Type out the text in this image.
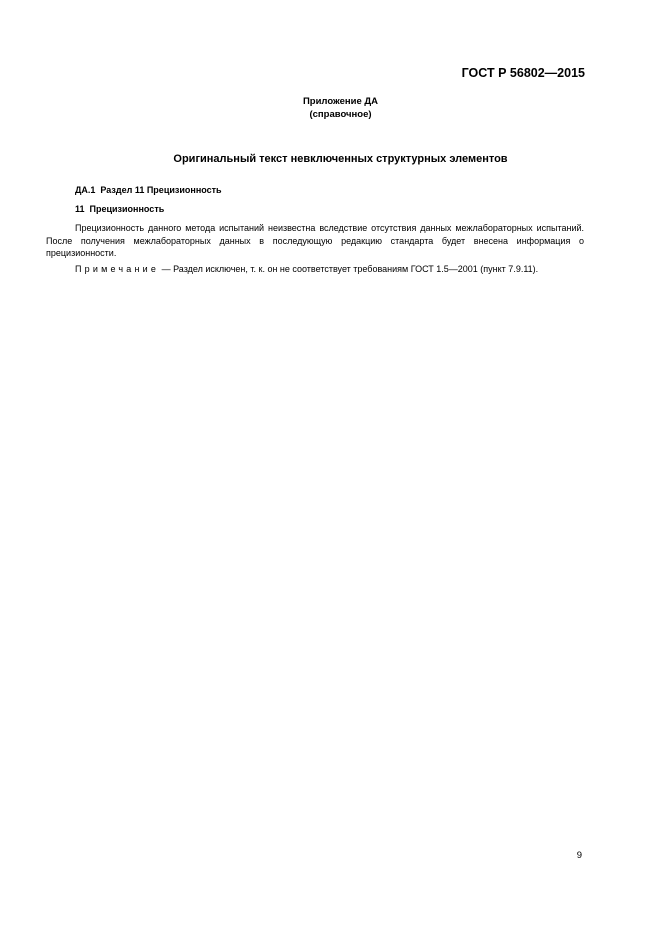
ГОСТ Р 56802—2015
Приложение ДА
(справочное)
Оригинальный текст невключенных структурных элементов
ДА.1  Раздел 11 Прецизионность
11  Прецизионность

Прецизионность данного метода испытаний неизвестна вследствие отсутствия данных межлабораторных испытаний. После получения межлабораторных данных в последующую редакцию стандарта будет внесена информация о прецизионности.

Примечание — Раздел исключен, т. к. он не соответствует требованиям ГОСТ 1.5—2001 (пункт 7.9.11).
9
